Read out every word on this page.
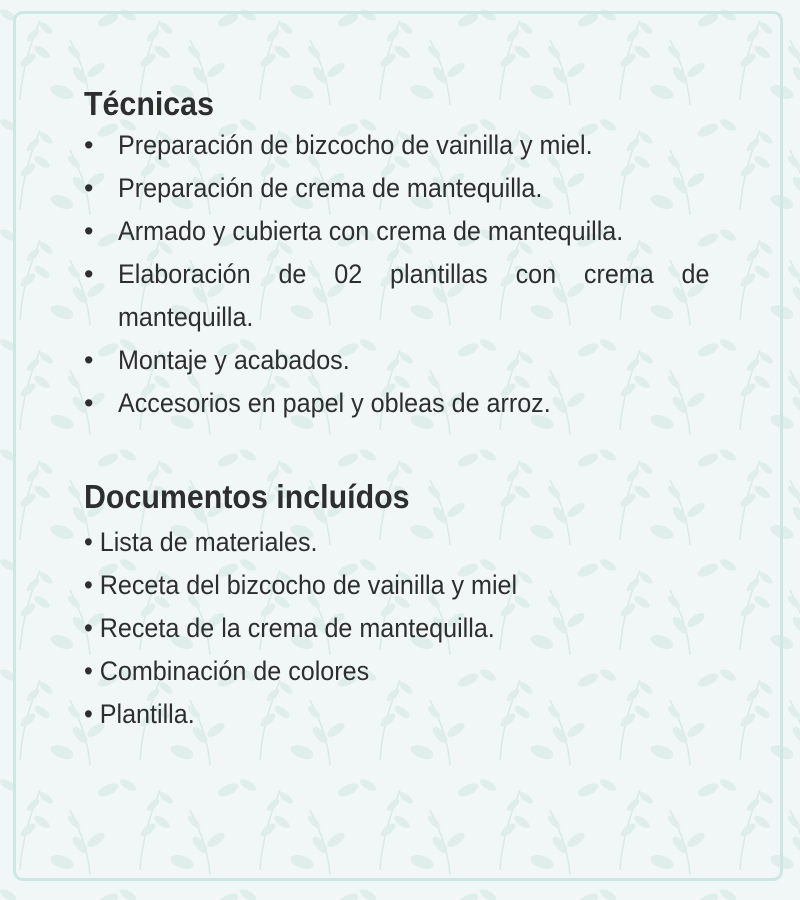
Técnicas
• Preparación de bizcocho de vainilla y miel.
• Preparación de crema de mantequilla.
• Armado y cubierta con crema de mantequilla.
• Elaboración de 02 plantillas con crema de mantequilla.
• Montaje y acabados.
• Accesorios en papel y obleas de arroz.
Documentos incluídos
• Lista de materiales.
• Receta del bizcocho de vainilla y miel
• Receta de la crema de mantequilla.
• Combinación de colores
• Plantilla.
